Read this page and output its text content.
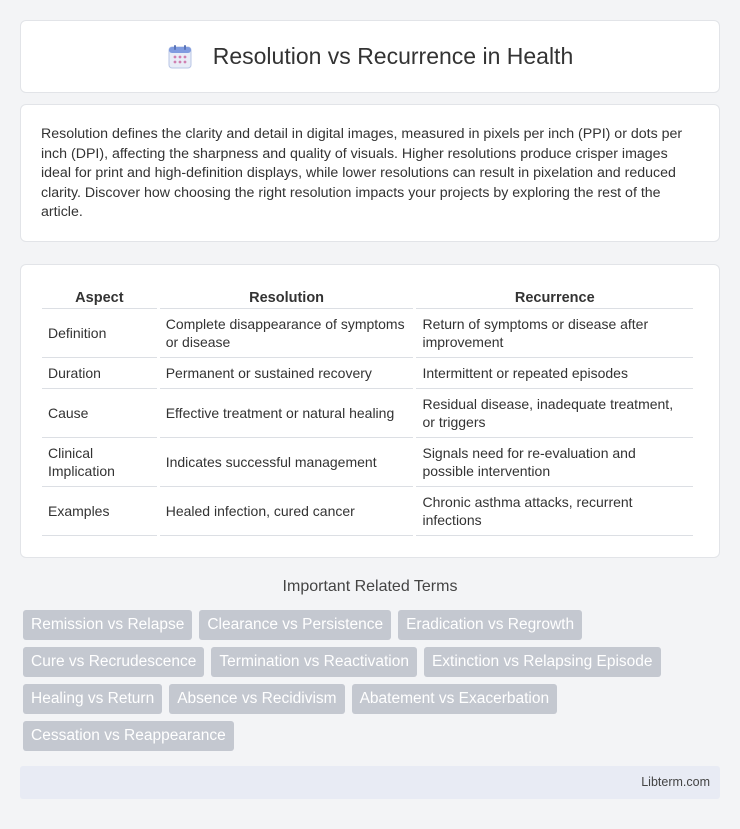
Resolution vs Recurrence in Health

Resolution defines the clarity and detail in digital images, measured in pixels per inch (PPI) or dots per inch (DPI), affecting the sharpness and quality of visuals. Higher resolutions produce crisper images ideal for print and high-definition displays, while lower resolutions can result in pixelation and reduced clarity. Discover how choosing the right resolution impacts your projects by exploring the rest of the article.

Aspect	Resolution	Recurrence
Definition	Complete disappearance of symptoms or disease	Return of symptoms or disease after improvement
Duration	Permanent or sustained recovery	Intermittent or repeated episodes
Cause	Effective treatment or natural healing	Residual disease, inadequate treatment, or triggers
Clinical Implication	Indicates successful management	Signals need for re-evaluation and possible intervention
Examples	Healed infection, cured cancer	Chronic asthma attacks, recurrent infections
Important Related Terms
Remission vs Relapse	Clearance vs Persistence	Eradication vs Regrowth
Cure vs Recrudescence	Termination vs Reactivation	Extinction vs Relapsing Episode
Healing vs Return	Absence vs Recidivism	Abatement vs Exacerbation
Cessation vs Reappearance
Libterm.com
